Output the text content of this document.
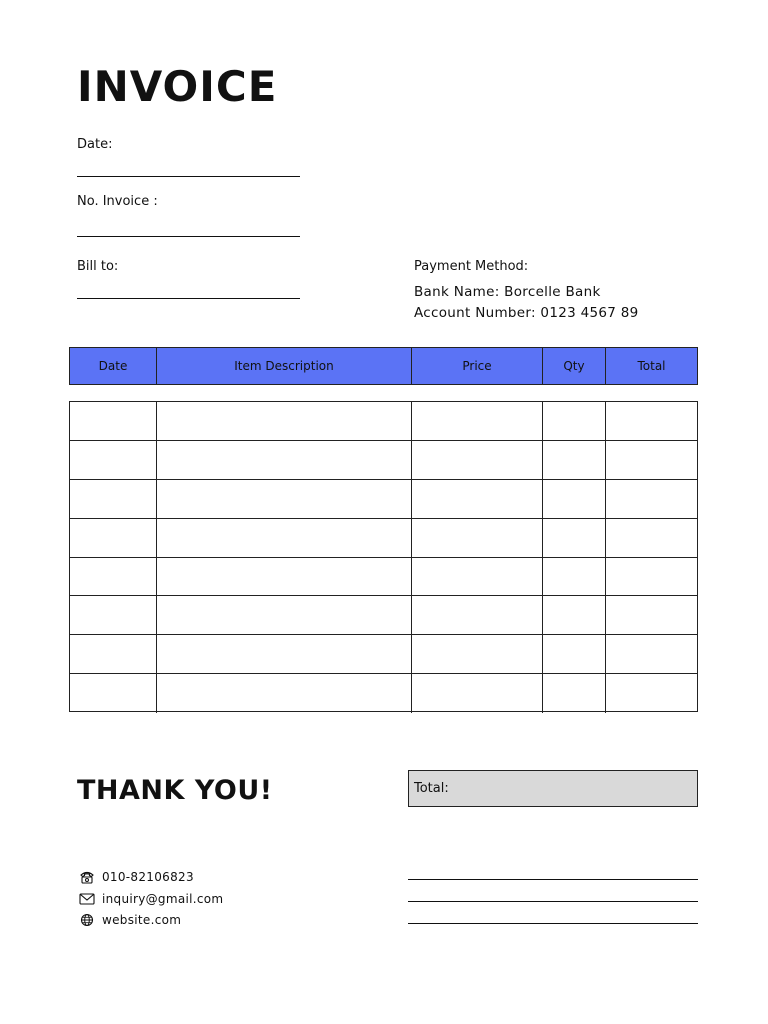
INVOICE
Date:
No. Invoice :
Bill to:	Payment Method:
Bank Name: Borcelle Bank
Account Number: 0123 4567 89
Date	Item Description	Price	Qty	Total
THANK YOU!	Total:
010-82106823
inquiry@gmail.com
website.com
